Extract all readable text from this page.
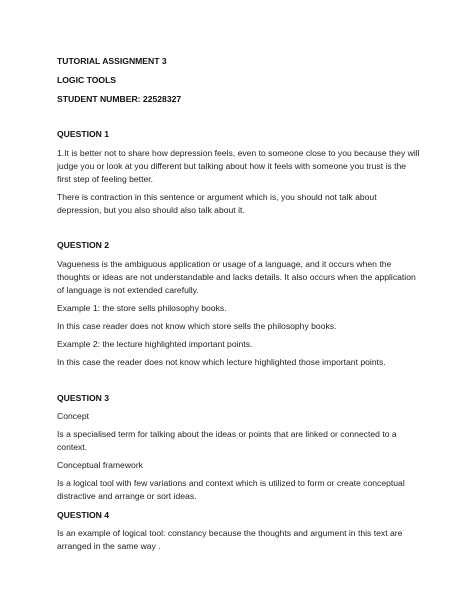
TUTORIAL ASSIGNMENT 3

LOGIC TOOLS

STUDENT NUMBER: 22528327

QUESTION 1

1.It is better not to share how depression feels, even to someone close to you because they will

judge you or look at you different but talking about how it feels with someone you trust is the

first step of feeling better.

There is contraction in this sentence or argument which is, you should not talk about

depression, but you also should also talk about it.

QUESTION 2

Vagueness is the ambiguous application or usage of a language, and it occurs when the

thoughts or ideas are not understandable and lacks details. It also occurs when the application

of language is not extended carefully.

Example 1: the store sells philosophy books.

In this case reader does not know which store sells the philosophy books.

Example 2: the lecture highlighted important points.

In this case the reader does not know which lecture highlighted those important points.

QUESTION 3

Concept

Is a specialised term for talking about the ideas or points that are linked or connected to a

context.

Conceptual framework

Is a logical tool with few variations and context which is utilized to form or create conceptual

distractive and arrange or sort ideas.

QUESTION 4

Is an example of logical tool: constancy because the thoughts and argument in this text are

arranged in the same way .
